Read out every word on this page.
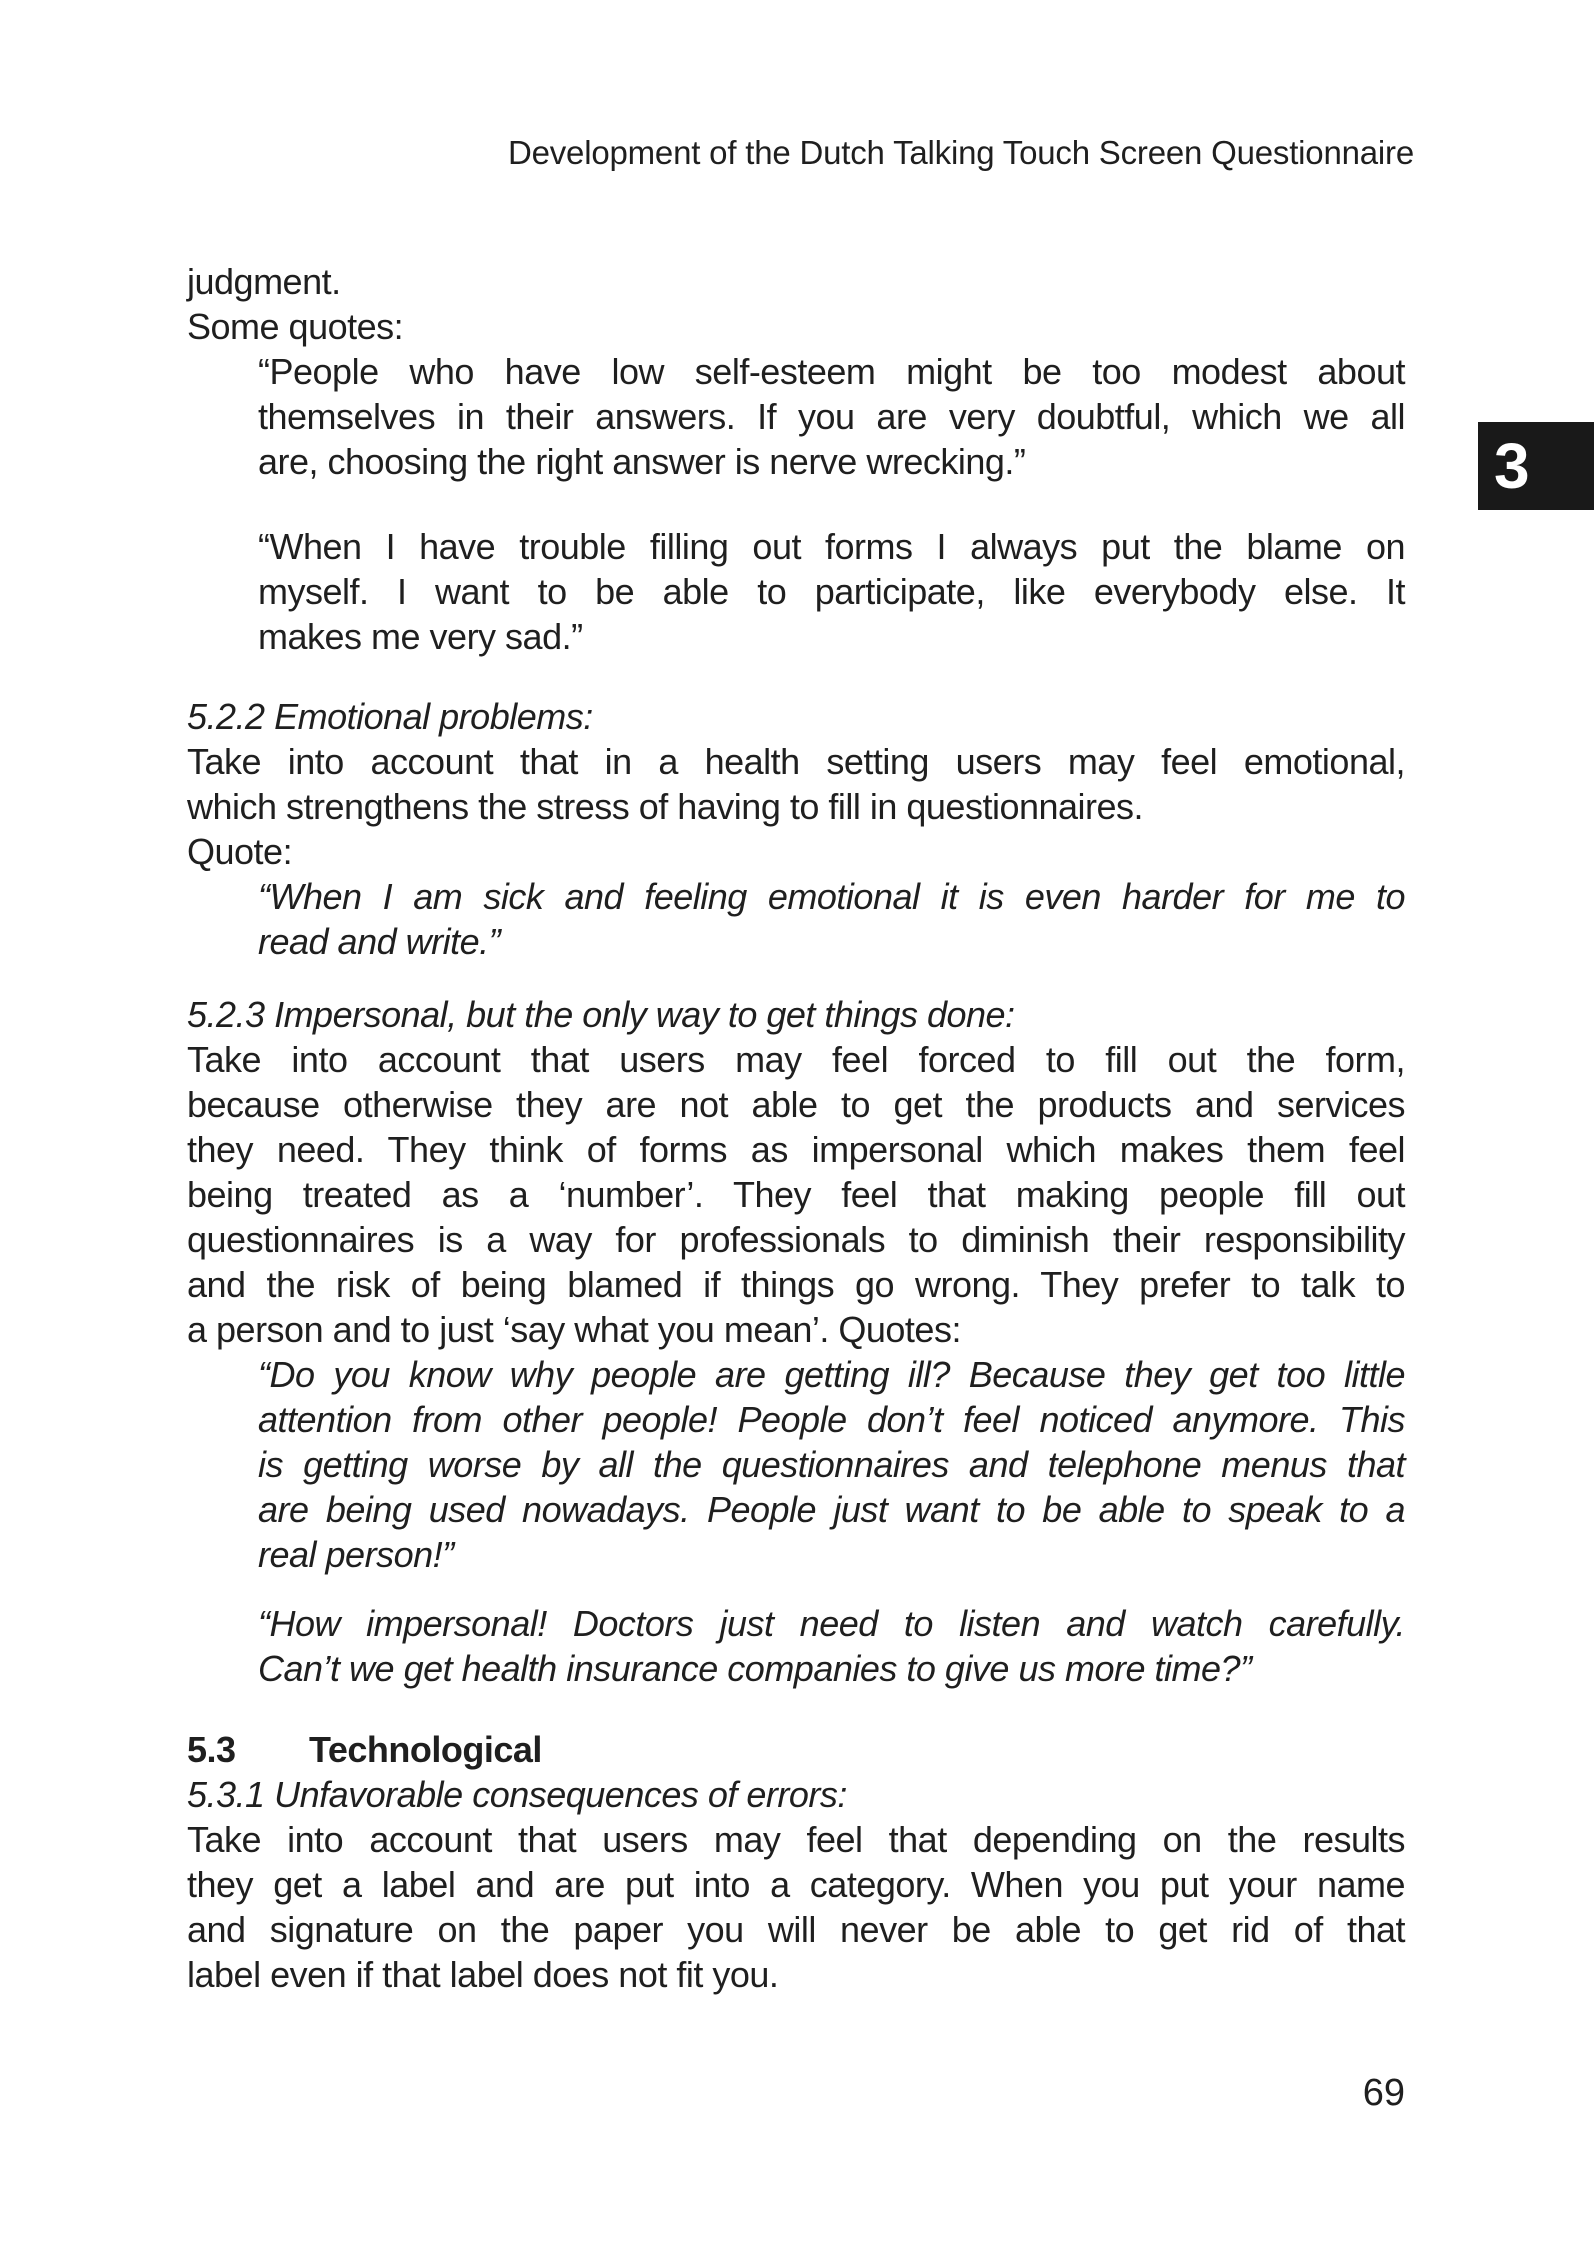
Development of the Dutch Talking Touch Screen Questionnaire
3
judgment.
Some quotes:
“People who have low self-esteem might be too modest about
themselves in their answers. If you are very doubtful, which we all
are, choosing the right answer is nerve wrecking.”
“When I have trouble filling out forms I always put the blame on
myself. I want to be able to participate, like everybody else. It
makes me very sad.”
5.2.2 Emotional problems:
Take into account that in a health setting users may feel emotional,
which strengthens the stress of having to fill in questionnaires.
Quote:
“When I am sick and feeling emotional it is even harder for me to
read and write.”
5.2.3 Impersonal, but the only way to get things done:
Take into account that users may feel forced to fill out the form,
because otherwise they are not able to get the products and services
they need. They think of forms as impersonal which makes them feel
being treated as a ‘number’. They feel that making people fill out
questionnaires is a way for professionals to diminish their responsibility
and the risk of being blamed if things go wrong. They prefer to talk to
a person and to just ‘say what you mean’. Quotes:
“Do you know why people are getting ill? Because they get too little
attention from other people! People don’t feel noticed anymore. This
is getting worse by all the questionnaires and telephone menus that
are being used nowadays. People just want to be able to speak to a
real person!”
“How impersonal! Doctors just need to listen and watch carefully.
Can’t we get health insurance companies to give us more time?”
5.3 Technological
5.3.1 Unfavorable consequences of errors:
Take into account that users may feel that depending on the results
they get a label and are put into a category. When you put your name
and signature on the paper you will never be able to get rid of that
label even if that label does not fit you.
69
